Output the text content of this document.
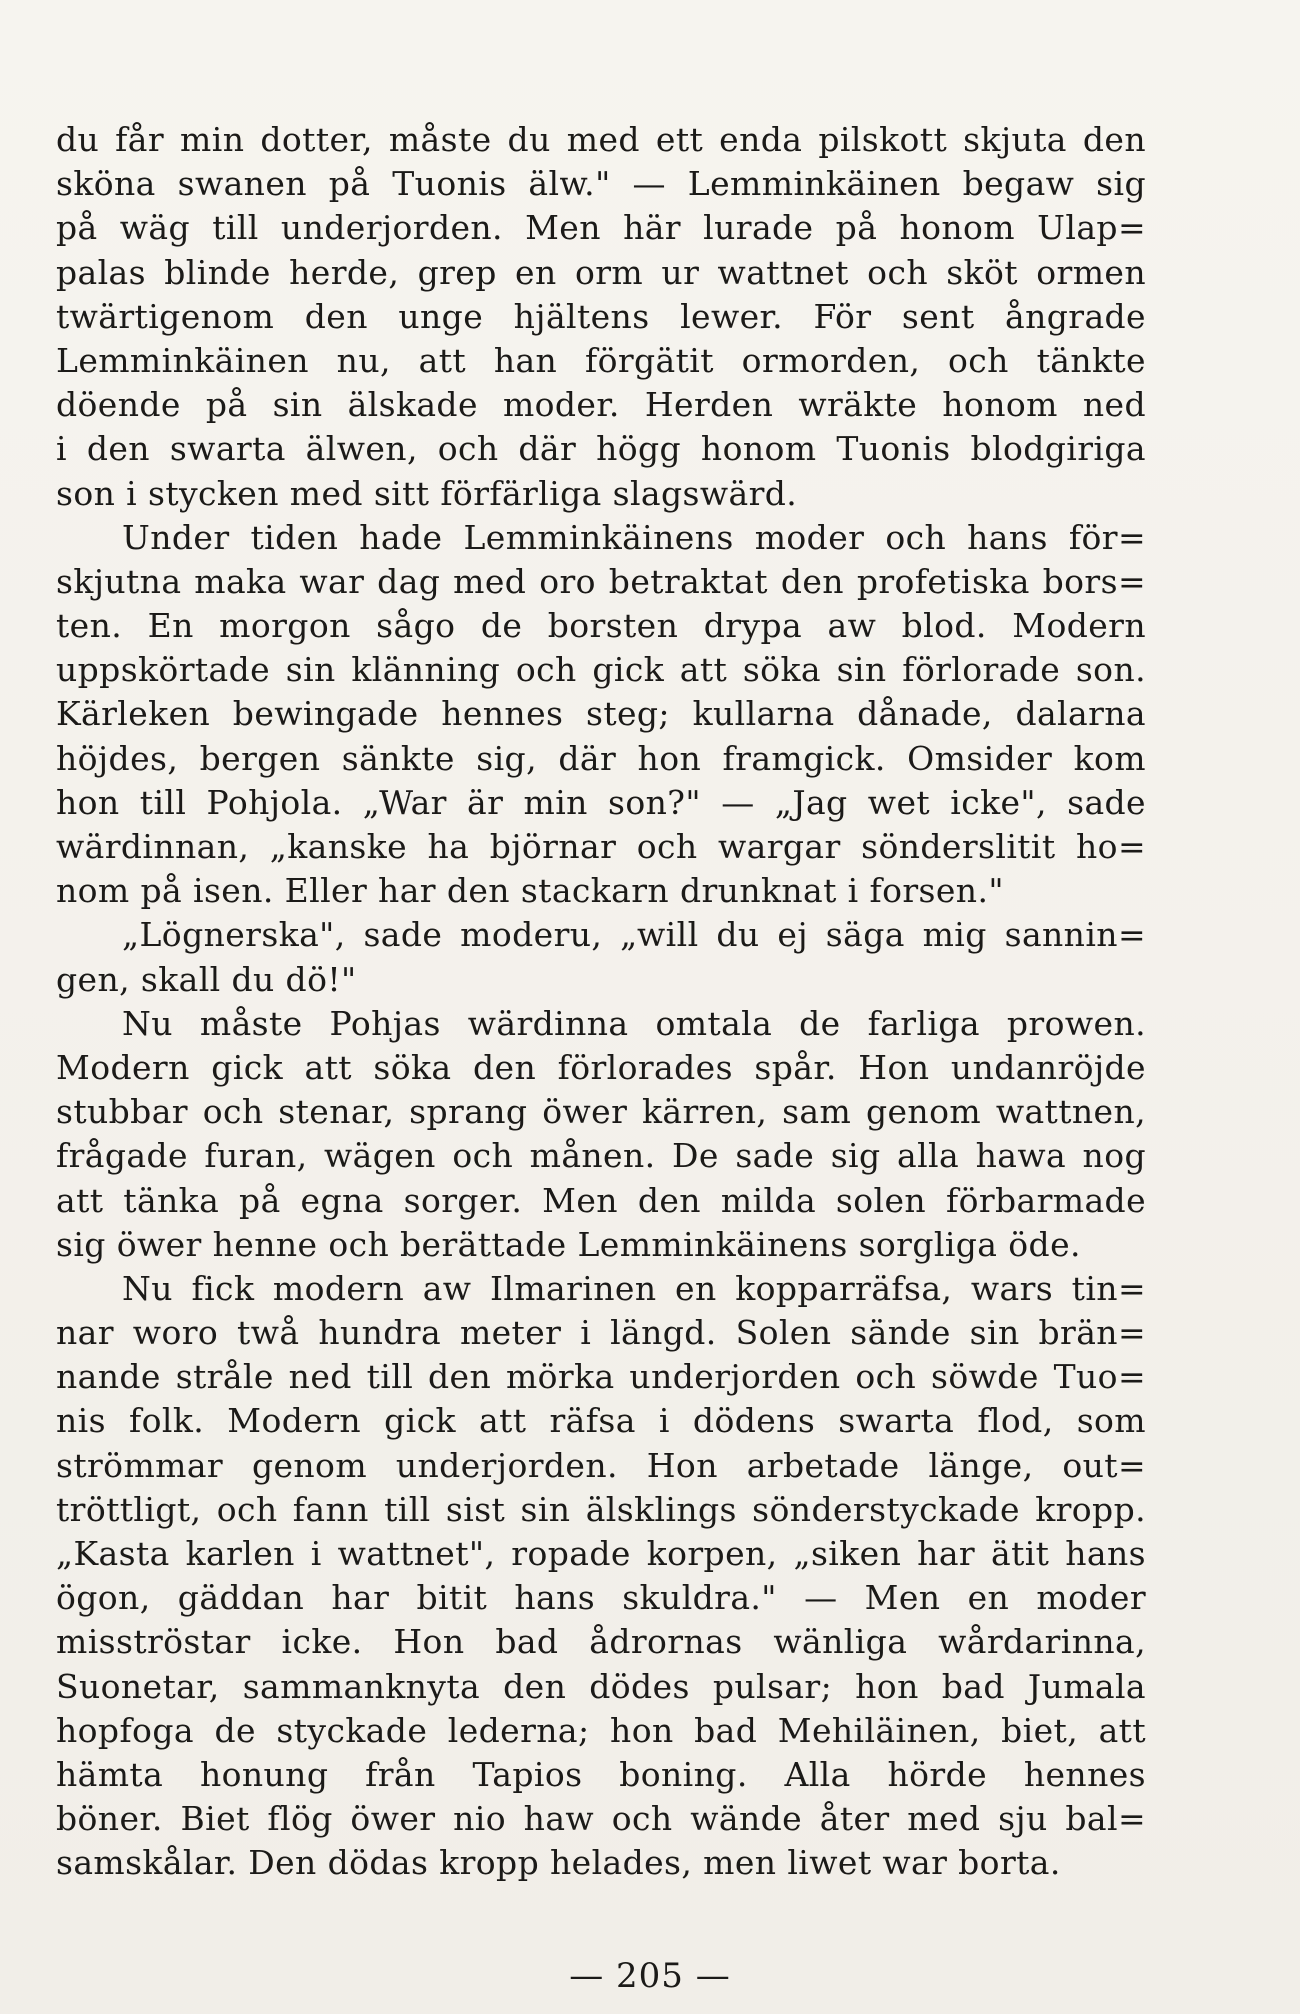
du får min dotter, måste du med ett enda pilskott skjuta den
sköna swanen på Tuonis älw." — Lemminkäinen begaw sig
på wäg till underjorden. Men här lurade på honom Ulap=
palas blinde herde, grep en orm ur wattnet och sköt ormen
twärtigenom den unge hjältens lewer. För sent ångrade
Lemminkäinen nu, att han förgätit ormorden, och tänkte
döende på sin älskade moder. Herden wräkte honom ned
i den swarta älwen, och där högg honom Tuonis blodgiriga
son i stycken med sitt förfärliga slagswärd.
Under tiden hade Lemminkäinens moder och hans för=
skjutna maka war dag med oro betraktat den profetiska bors=
ten. En morgon sågo de borsten drypa aw blod. Modern
uppskörtade sin klänning och gick att söka sin förlorade son.
Kärleken bewingade hennes steg; kullarna dånade, dalarna
höjdes, bergen sänkte sig, där hon framgick. Omsider kom
hon till Pohjola. „War är min son?" — „Jag wet icke", sade
wärdinnan, „kanske ha björnar och wargar sönderslitit ho=
nom på isen. Eller har den stackarn drunknat i forsen."
„Lögnerska", sade moderu, „will du ej säga mig sannin=
gen, skall du dö!"
Nu måste Pohjas wärdinna omtala de farliga prowen.
Modern gick att söka den förlorades spår. Hon undanröjde
stubbar och stenar, sprang öwer kärren, sam genom wattnen,
frågade furan, wägen och månen. De sade sig alla hawa nog
att tänka på egna sorger. Men den milda solen förbarmade
sig öwer henne och berättade Lemminkäinens sorgliga öde.
Nu fick modern aw Ilmarinen en kopparräfsa, wars tin=
nar woro twå hundra meter i längd. Solen sände sin brän=
nande stråle ned till den mörka underjorden och söwde Tuo=
nis folk. Modern gick att räfsa i dödens swarta flod, som
strömmar genom underjorden. Hon arbetade länge, out=
tröttligt, och fann till sist sin älsklings sönderstyckade kropp.
„Kasta karlen i wattnet", ropade korpen, „siken har ätit hans
ögon, gäddan har bitit hans skuldra." — Men en moder
misströstar icke. Hon bad ådrornas wänliga wårdarinna,
Suonetar, sammanknyta den dödes pulsar; hon bad Jumala
hopfoga de styckade lederna; hon bad Mehiläinen, biet, att
hämta honung från Tapios boning. Alla hörde hennes
böner. Biet flög öwer nio haw och wände åter med sju bal=
samskålar. Den dödas kropp helades, men liwet war borta.
— 205 —
